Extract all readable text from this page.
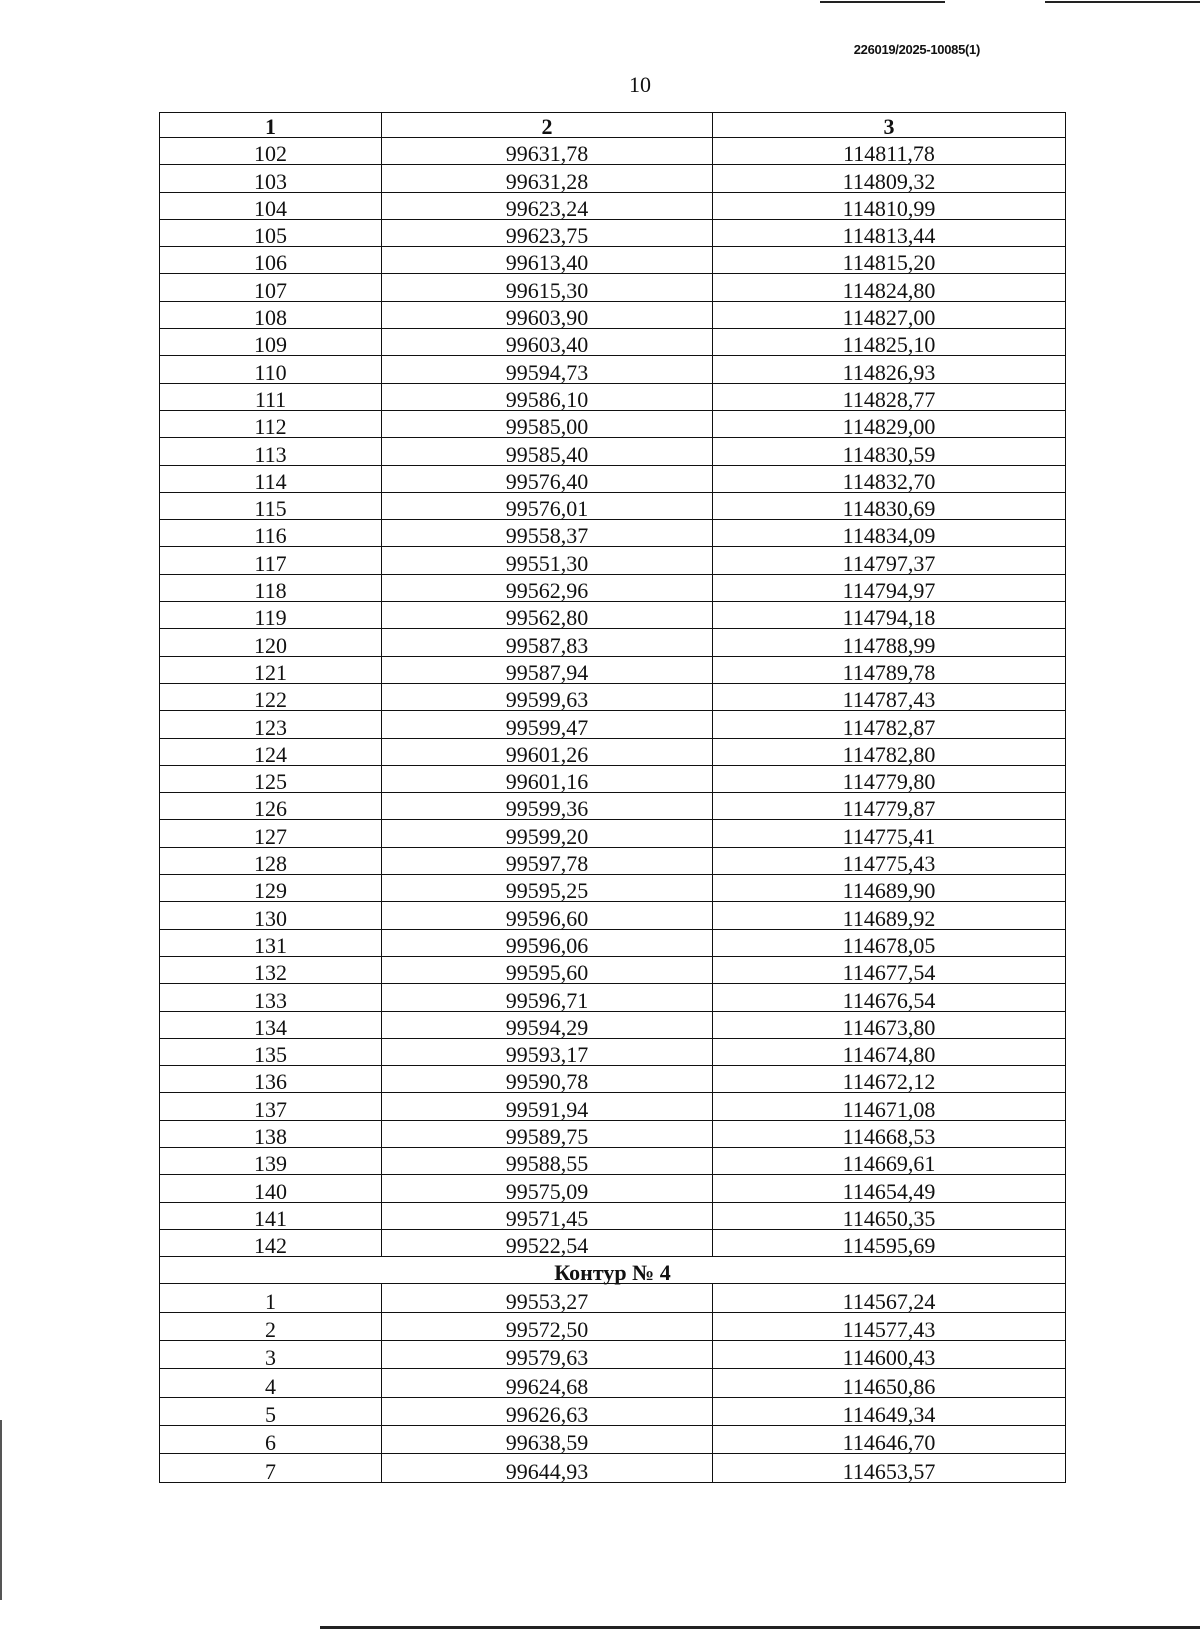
226019/2025-10085(1)
10
1	2	3
102	99631,78	114811,78
103	99631,28	114809,32
104	99623,24	114810,99
105	99623,75	114813,44
106	99613,40	114815,20
107	99615,30	114824,80
108	99603,90	114827,00
109	99603,40	114825,10
110	99594,73	114826,93
111	99586,10	114828,77
112	99585,00	114829,00
113	99585,40	114830,59
114	99576,40	114832,70
115	99576,01	114830,69
116	99558,37	114834,09
117	99551,30	114797,37
118	99562,96	114794,97
119	99562,80	114794,18
120	99587,83	114788,99
121	99587,94	114789,78
122	99599,63	114787,43
123	99599,47	114782,87
124	99601,26	114782,80
125	99601,16	114779,80
126	99599,36	114779,87
127	99599,20	114775,41
128	99597,78	114775,43
129	99595,25	114689,90
130	99596,60	114689,92
131	99596,06	114678,05
132	99595,60	114677,54
133	99596,71	114676,54
134	99594,29	114673,80
135	99593,17	114674,80
136	99590,78	114672,12
137	99591,94	114671,08
138	99589,75	114668,53
139	99588,55	114669,61
140	99575,09	114654,49
141	99571,45	114650,35
142	99522,54	114595,69
Контур № 4		
1	99553,27	114567,24
2	99572,50	114577,43
3	99579,63	114600,43
4	99624,68	114650,86
5	99626,63	114649,34
6	99638,59	114646,70
7	99644,93	114653,57
